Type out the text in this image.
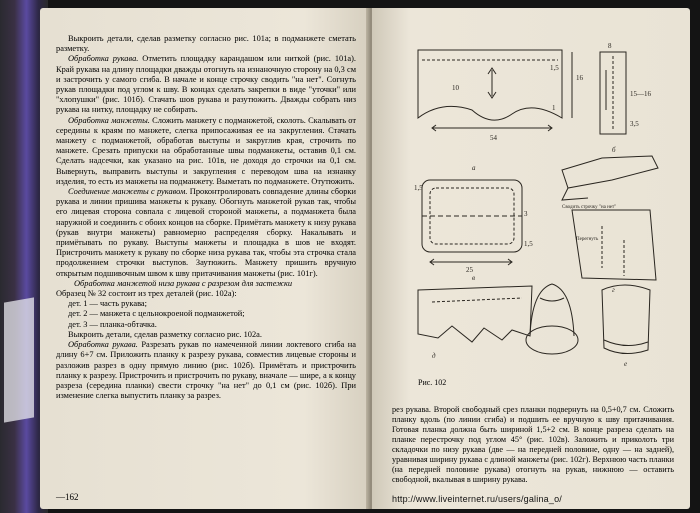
Выкроить детали, сделав разметку согласно рис. 101а; в подманжете сметать разметку.

Обработка рукава. Отметить площадку карандашом или ниткой (рис. 101а). Край рукава на длину площадки дважды отогнуть на изнаночную сторону на 0,3 см и застрочить у самого сгиба. В начале и конце строчку сводить "на нет". Согнуть рукав площадки под углом к шву. В концах сделать закрепки в виде "уточки" или "хлопушки" (рис. 101б). Стачать шов рукава и разутюжить. Дважды собрать низ рукава на нитку, площадку не собирать.

Обработка манжеты. Сложить манжету с подманжетой, сколоть. Скалывать от середины к краям по манжете, слегка припосаживая ее на закругления. Стачать манжету с подманжетой, обработав выступы и закруглив края, строчить по манжете. Срезать припуски на обработанные швы подманжеты, оставив 0,1 см. Сделать надсечки, как указано на рис. 101в, не доходя до строчки на 0,1 см. Вывернуть, выправить выступы и закругления с переводом шва на изнанку изделия, то есть из манжеты на подманжету. Выметать по подманжете. Отутюжить.

Соединение манжеты с рукавом. Проконтролировать совпадение длины сборки рукава и линии пришива манжеты к рукаву. Обогнуть манжетой рукав так, чтобы его лицевая сторона совпала с лицевой стороной манжеты, а подманжета была наружной и соединить с обоих концов на сборке. Примётать манжету к низу рукава (рукав внутри манжеты) равномерно распределяя сборку. Накалывать и примётывать по рукаву. Выступы манжеты и площадка в шов не входят. Пристрочить манжету к рукаву по сборке низа рукава так, чтобы эта строчка стала продолжением строчки выступов. Заутюжить. Манжету пришить вручную открытым подшивочным швом к шву притачивания манжеты (рис. 101г).

Обработка манжетой низа рукава с разрезом для застежки

Образец № 32 состоит из трех деталей (рис. 102а):

дет. 1 — часть рукава;

дет. 2 — манжета с цельнокроеной подманжетой;

дет. 3 — планка-обтачка.

Выкроить детали, сделав разметку согласно рис. 102а.

Обработка рукава. Разрезать рукав по намеченной линии локтевого сгиба на длину 6+7 см. Приложить планку к разрезу рукава, совместив лицевые стороны и разложив разрез в одну прямую линию (рис. 102б). Примётать и пристрочить планку к разрезу. Пристрочить и пристрочить по рукаву, вначале — шире, а к концу разреза (середина планки) свести строчку "на нет" до 0,1 см (рис. 102б). При изменение слегка выпустить планку за разрез.

—162
54
16
10
1,5
1
8
15—16
3,5
25
1,5
3
1,5
Сводить строчку "на нет"
Перегнуть
а
б
в
г
д
е
Рис. 102

рез рукава. Второй свободный срез планки подвернуть на 0,5+0,7 см. Сложить планку вдоль (по линии сгиба) и подшить ее вручную к шву притачивания. Готовая планка должна быть шириной 1,5+2 см. В конце разреза сделать на планке перестрочку под углом 45° (рис. 102в). Заложить и приколоть три складочки по низу рукава (две — на передней половине, одну — на задней), уравнивая ширину рукава с длиной манжеты (рис. 102г). Верхнюю часть планки (на передней половине рукава) отогнуть на рукав, нижнюю — оставить свободной, вкалывая в ширину рукава.

http://www.liveinternet.ru/users/galina_o/
